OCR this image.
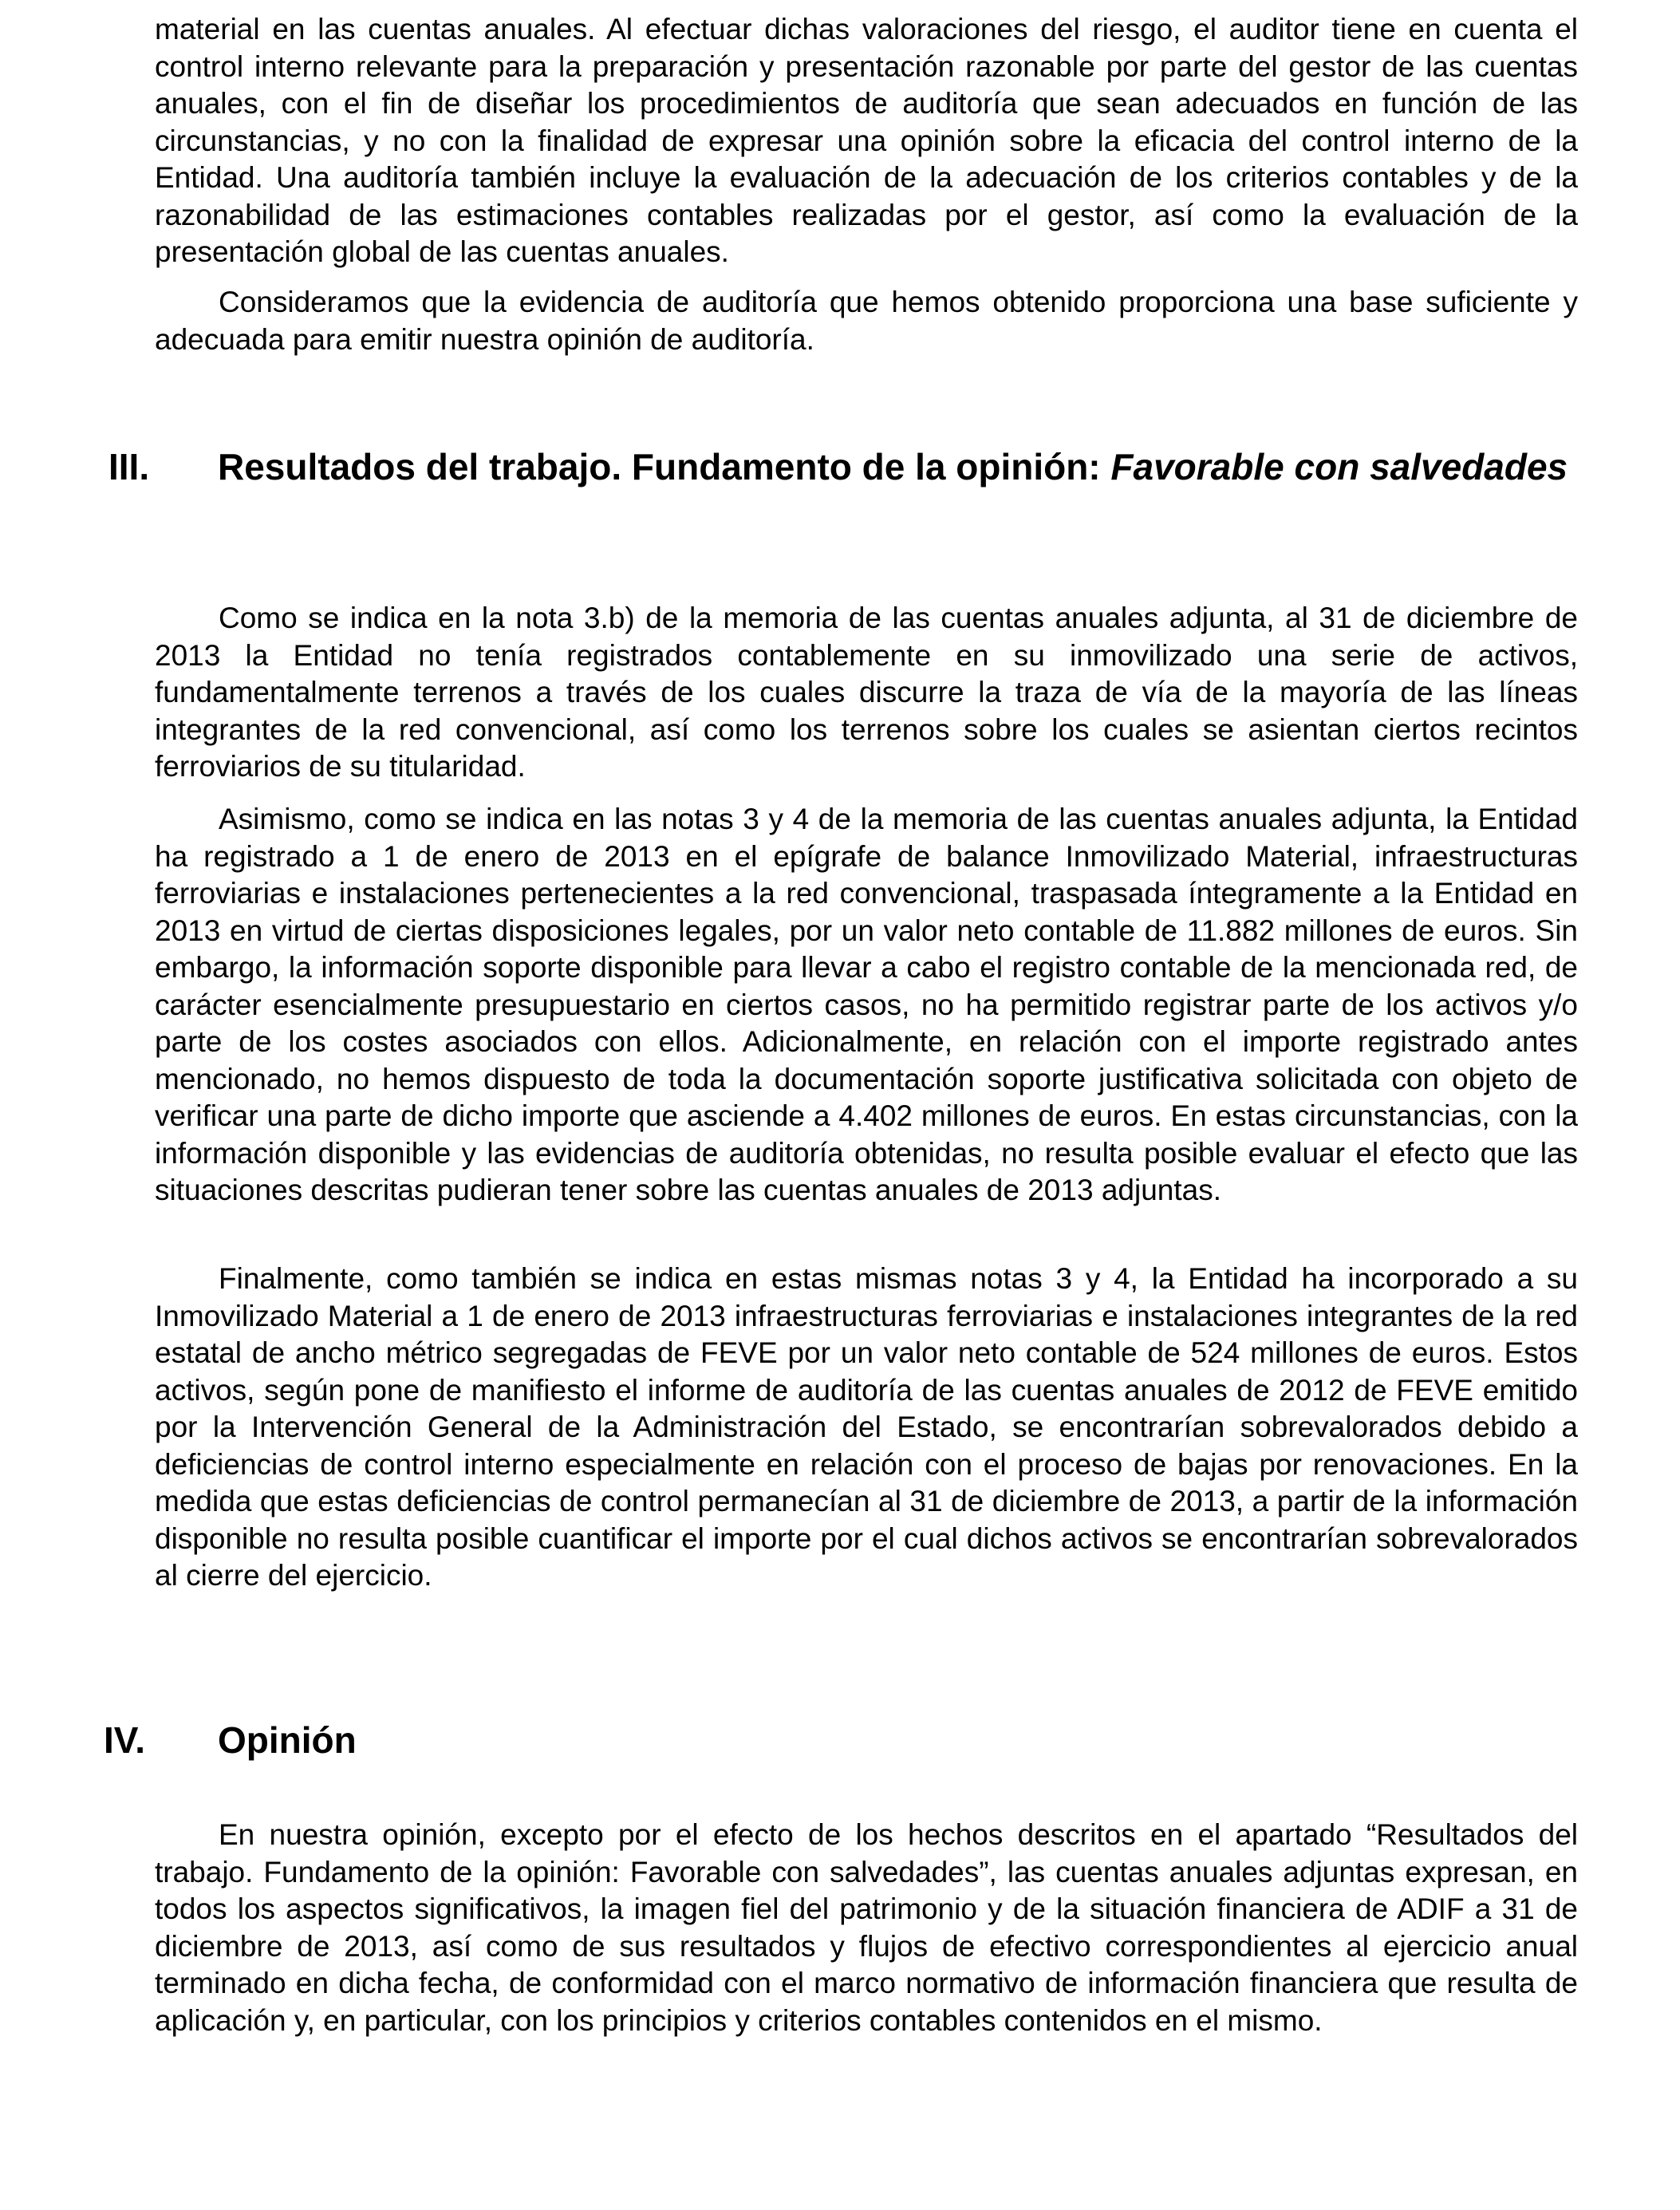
material en las cuentas anuales. Al efectuar dichas valoraciones del riesgo, el auditor tiene en cuenta el control interno relevante para la preparación y presentación razonable por parte del gestor de las cuentas anuales, con el fin de diseñar los procedimientos de auditoría que sean adecuados en función de las circunstancias, y no con la finalidad de expresar una opinión sobre la eficacia del control interno de la Entidad. Una auditoría también incluye la evaluación de la adecuación de los criterios contables y de la razonabilidad de las estimaciones contables realizadas por el gestor, así como la evaluación de la presentación global de las cuentas anuales.

Consideramos que la evidencia de auditoría que hemos obtenido proporciona una base suficiente y adecuada para emitir nuestra opinión de auditoría.

III. Resultados del trabajo. Fundamento de la opinión: Favorable con salvedades

Como se indica en la nota 3.b) de la memoria de las cuentas anuales adjunta, al 31 de diciembre de 2013 la Entidad no tenía registrados contablemente en su inmovilizado una serie de activos, fundamentalmente terrenos a través de los cuales discurre la traza de vía de la mayoría de las líneas integrantes de la red convencional, así como los terrenos sobre los cuales se asientan ciertos recintos ferroviarios de su titularidad.

Asimismo, como se indica en las notas 3 y 4 de la memoria de las cuentas anuales adjunta, la Entidad ha registrado a 1 de enero de 2013 en el epígrafe de balance Inmovilizado Material, infraestructuras ferroviarias e instalaciones pertenecientes a la red convencional, traspasada íntegramente a la Entidad en 2013 en virtud de ciertas disposiciones legales, por un valor neto contable de 11.882 millones de euros. Sin embargo, la información soporte disponible para llevar a cabo el registro contable de la mencionada red, de carácter esencialmente presupuestario en ciertos casos, no ha permitido registrar parte de los activos y/o parte de los costes asociados con ellos. Adicionalmente, en relación con el importe registrado antes mencionado, no hemos dispuesto de toda la documentación soporte justificativa solicitada con objeto de verificar una parte de dicho importe que asciende a 4.402 millones de euros. En estas circunstancias, con la información disponible y las evidencias de auditoría obtenidas, no resulta posible evaluar el efecto que las situaciones descritas pudieran tener sobre las cuentas anuales de 2013 adjuntas.

Finalmente, como también se indica en estas mismas notas 3 y 4, la Entidad ha incorporado a su Inmovilizado Material a 1 de enero de 2013 infraestructuras ferroviarias e instalaciones integrantes de la red estatal de ancho métrico segregadas de FEVE por un valor neto contable de 524 millones de euros. Estos activos, según pone de manifiesto el informe de auditoría de las cuentas anuales de 2012 de FEVE emitido por la Intervención General de la Administración del Estado, se encontrarían sobrevalorados debido a deficiencias de control interno especialmente en relación con el proceso de bajas por renovaciones. En la medida que estas deficiencias de control permanecían al 31 de diciembre de 2013, a partir de la información disponible no resulta posible cuantificar el importe por el cual dichos activos se encontrarían sobrevalorados al cierre del ejercicio.

IV. Opinión

En nuestra opinión, excepto por el efecto de los hechos descritos en el apartado “Resultados del trabajo. Fundamento de la opinión: Favorable con salvedades”, las cuentas anuales adjuntas expresan, en todos los aspectos significativos, la imagen fiel del patrimonio y de la situación financiera de ADIF a 31 de diciembre de 2013, así como de sus resultados y flujos de efectivo correspondientes al ejercicio anual terminado en dicha fecha, de conformidad con el marco normativo de información financiera que resulta de aplicación y, en particular, con los principios y criterios contables contenidos en el mismo.
